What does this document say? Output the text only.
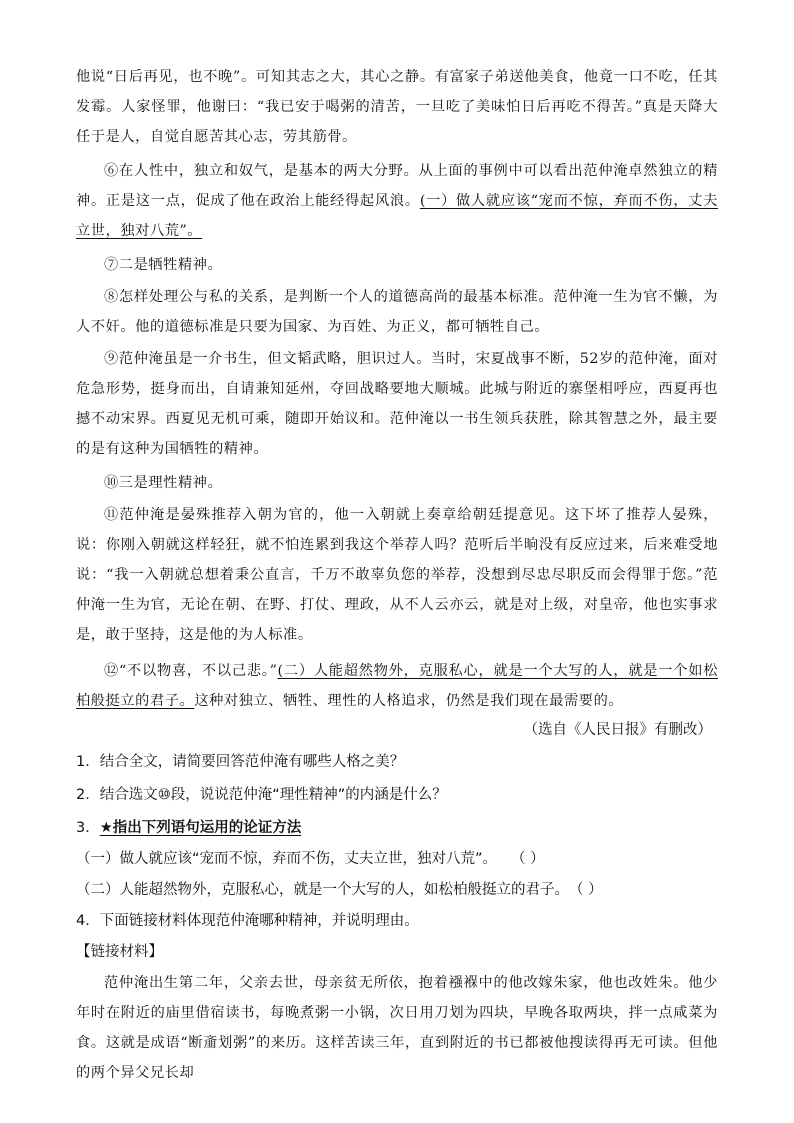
他说“日后再见，也不晚”。可知其志之大，其心之静。有富家子弟送他美食，他竟一口不吃，任其发霉。人家怪罪，他谢曰：“我已安于喝粥的清苦，一旦吃了美味怕日后再吃不得苦。”真是天降大任于是人，自觉自愿苦其心志，劳其筋骨。

⑥在人性中，独立和奴气，是基本的两大分野。从上面的事例中可以看出范仲淹卓然独立的精神。正是这一点，促成了他在政治上能经得起风浪。(一）做人就应该“宠而不惊，弃而不伤，丈夫立世，独对八荒”。

⑦二是牺牲精神。

⑧怎样处理公与私的关系，是判断一个人的道德高尚的最基本标准。范仲淹一生为官不懒，为人不奸。他的道德标准是只要为国家、为百姓、为正义，都可牺牲自己。

⑨范仲淹虽是一介书生，但文韬武略，胆识过人。当时，宋夏战事不断，52岁的范仲淹，面对危急形势，挺身而出，自请兼知延州，夺回战略要地大顺城。此城与附近的寨堡相呼应，西夏再也撼不动宋界。西夏见无机可乘，随即开始议和。范仲淹以一书生领兵获胜，除其智慧之外，最主要的是有这种为国牺牲的精神。

⑩三是理性精神。

⑪范仲淹是晏殊推荐入朝为官的，他一入朝就上奏章给朝廷提意见。这下坏了推荐人晏殊，说：你刚入朝就这样轻狂，就不怕连累到我这个举荐人吗？范听后半晌没有反应过来，后来难受地说：“我一入朝就总想着秉公直言，千万不敢辜负您的举荐，没想到尽忠尽职反而会得罪于您。”范仲淹一生为官，无论在朝、在野、打仗、理政，从不人云亦云，就是对上级，对皇帝，他也实事求是，敢于坚持，这是他的为人标准。

⑫“不以物喜，不以己悲。”(二）人能超然物外，克服私心，就是一个大写的人，就是一个如松柏般挺立的君子。这种对独立、牺牲、理性的人格追求，仍然是我们现在最需要的。

（选自《人民日报》有删改）

1．结合全文，请简要回答范仲淹有哪些人格之美？

2．结合选文⑩段，说说范仲淹“理性精神”的内涵是什么？

3．★指出下列语句运用的论证方法

（一）做人就应该“宠而不惊，弃而不伤，丈夫立世，独对八荒”。 （ ）

（二）人能超然物外，克服私心，就是一个大写的人，如松柏般挺立的君子。（ ）

4．下面链接材料体现范仲淹哪种精神，并说明理由。

【链接材料】

范仲淹出生第二年，父亲去世，母亲贫无所依，抱着襁褓中的他改嫁朱家，他也改姓朱。他少年时在附近的庙里借宿读书，每晚煮粥一小锅，次日用刀划为四块，早晚各取两块，拌一点咸菜为食。这就是成语“断齑划粥”的来历。这样苦读三年，直到附近的书已都被他搜读得再无可读。但他的两个异父兄长却
